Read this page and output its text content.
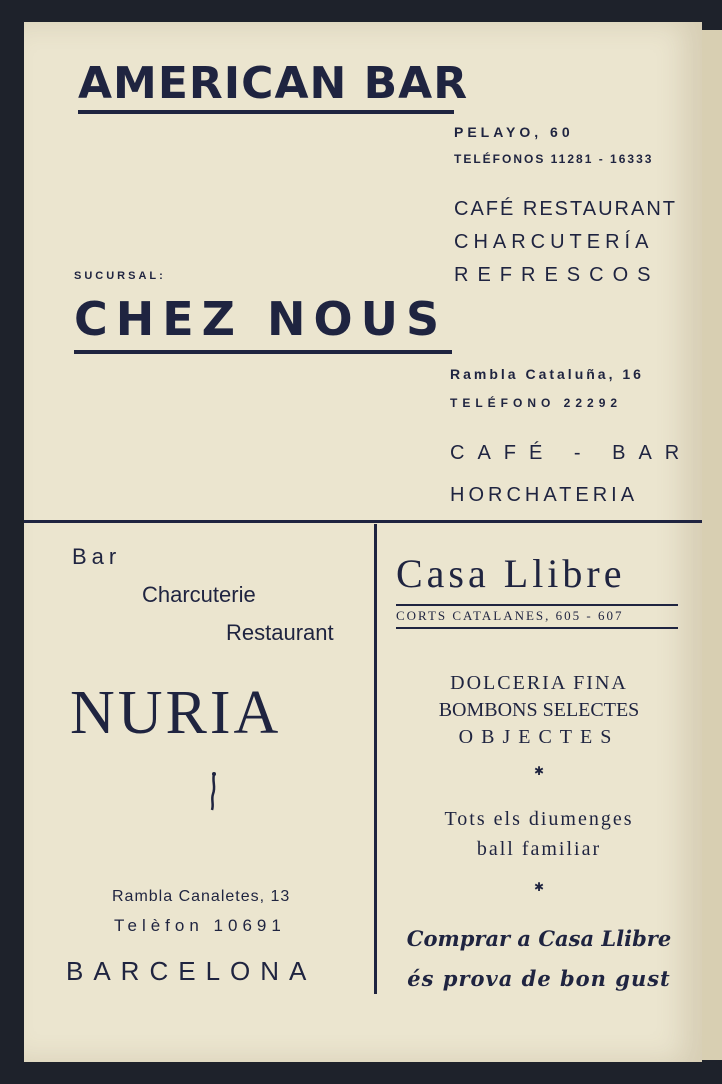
AMERICAN BAR
PELAYO, 60
TELÉFONOS 11281 - 16333
CAFÉ RESTAURANT
CHARCUTERÍA
REFRESCOS
SUCURSAL:
CHEZ NOUS
Rambla Cataluña, 16
TELÉFONO 22292
CAFÉ - BAR
HORCHATERIA
Bar
Charcuterie
Restaurant
NURIA
Rambla Canaletes, 13
Telèfon 10691
BARCELONA
Casa Llibre
CORTS CATALANES, 605 - 607
DOLCERIA FINA
BOMBONS SELECTES
OBJECTES
✱
Tots els diumenges
ball familiar
✱
Comprar a Casa Llibre
és prova de bon gust
